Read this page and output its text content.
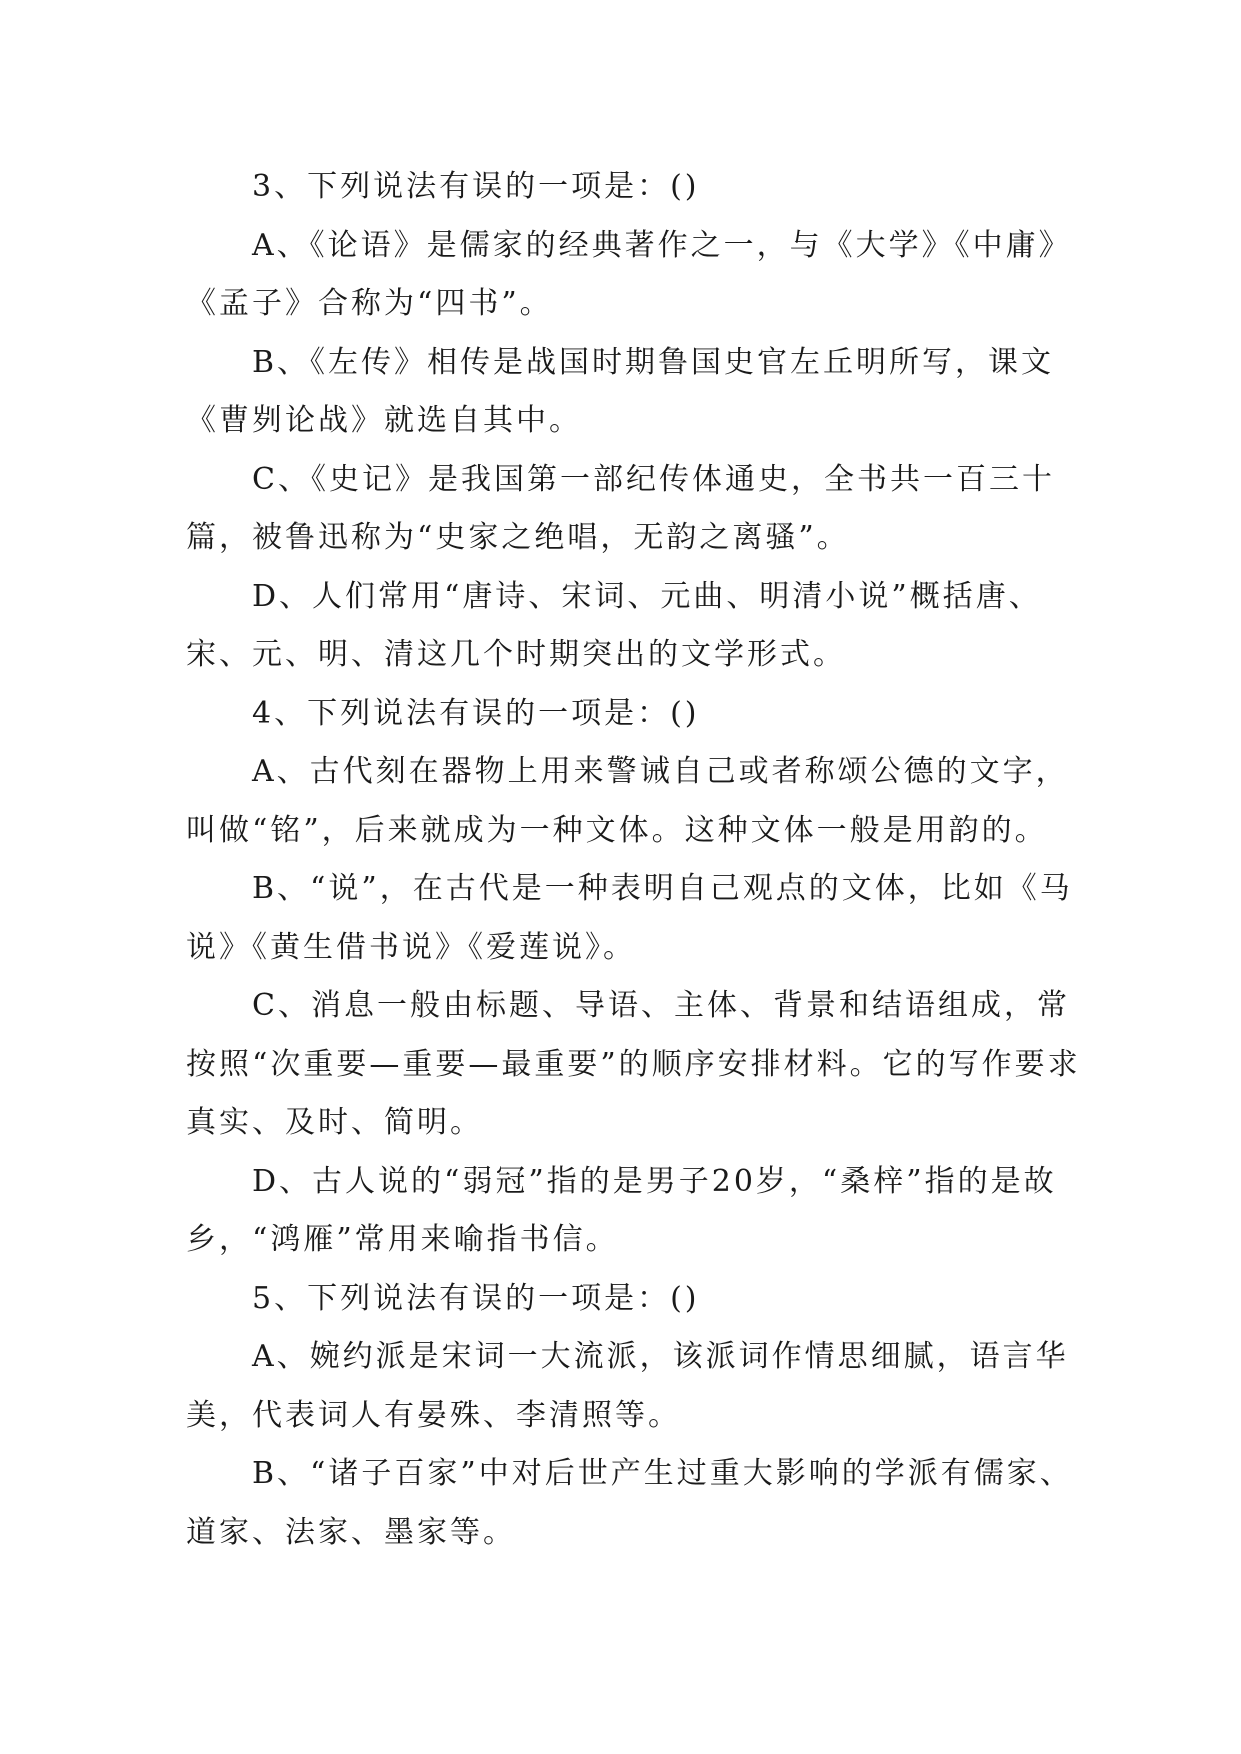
3、下列说法有误的一项是：()

A、《论语》是儒家的经典著作之一，与《大学》《中庸》《孟子》合称为“四书”。

B、《左传》相传是战国时期鲁国史官左丘明所写，课文《曹刿论战》就选自其中。

C、《史记》是我国第一部纪传体通史，全书共一百三十篇，被鲁迅称为“史家之绝唱，无韵之离骚”。

D、人们常用“唐诗、宋词、元曲、明清小说”概括唐、宋、元、明、清这几个时期突出的文学形式。

4、下列说法有误的一项是：()

A、古代刻在器物上用来警诫自己或者称颂公德的文字，叫做“铭”，后来就成为一种文体。这种文体一般是用韵的。

B、“说”，在古代是一种表明自己观点的文体，比如《马说》《黄生借书说》《爱莲说》。

C、消息一般由标题、导语、主体、背景和结语组成，常按照“次重要—重要—最重要”的顺序安排材料。它的写作要求真实、及时、简明。

D、古人说的“弱冠”指的是男子20岁，“桑梓”指的是故乡，“鸿雁”常用来喻指书信。

5、下列说法有误的一项是：()

A、婉约派是宋词一大流派，该派词作情思细腻，语言华美，代表词人有晏殊、李清照等。

B、“诸子百家”中对后世产生过重大影响的学派有儒家、道家、法家、墨家等。
